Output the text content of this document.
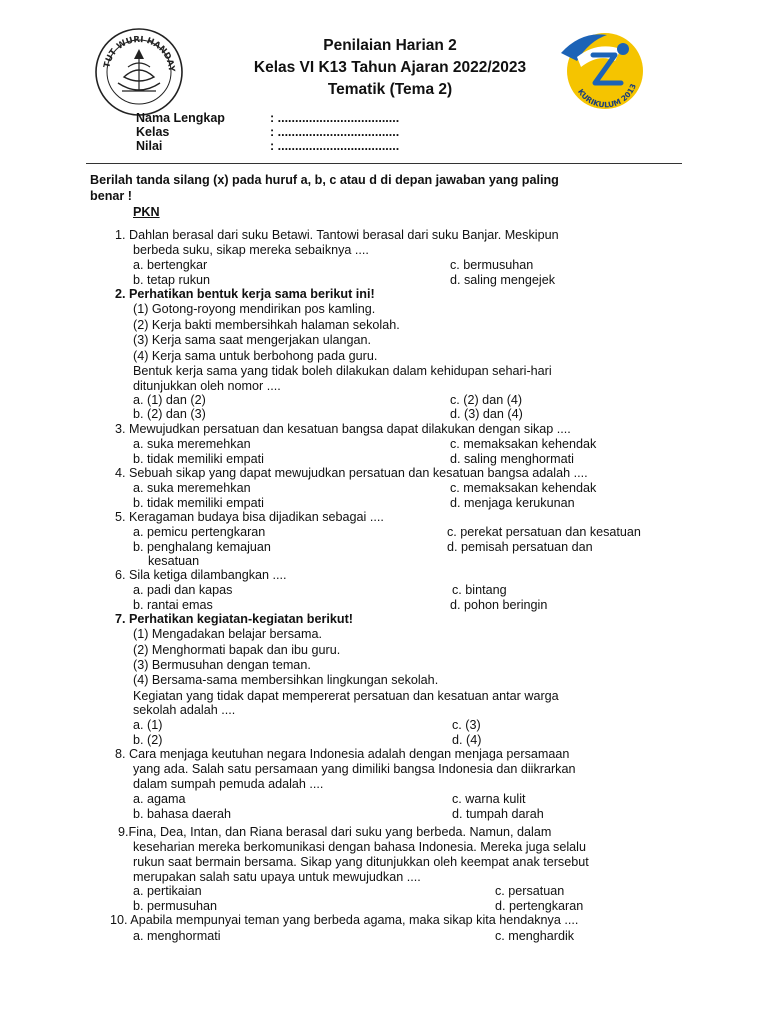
TUT WURI HANDAY
Penilaian Harian 2
Kelas VI K13 Tahun Ajaran 2022/2023
Tematik (Tema 2)	KURIKULUM 2013
Nama Lengkap	: ...................................
Kelas	: ...................................
Nilai	: ...................................
Berilah tanda silang (x) pada huruf a, b, c atau d di depan jawaban yang paling
benar !
PKN
1. Dahlan berasal dari suku Betawi. Tantowi berasal dari suku Banjar. Meskipun
berbeda suku, sikap mereka sebaiknya ....
a. bertengkar	c. bermusuhan
b. tetap rukun	d. saling mengejek
2. Perhatikan bentuk kerja sama berikut ini!
(1) Gotong-royong mendirikan pos kamling.
(2) Kerja bakti membersihkah halaman sekolah.
(3) Kerja sama saat mengerjakan ulangan.
(4) Kerja sama untuk berbohong pada guru.
Bentuk kerja sama yang tidak boleh dilakukan dalam kehidupan sehari-hari
ditunjukkan oleh nomor ....
a. (1) dan (2)	c. (2) dan (4)
b. (2) dan (3)	d. (3) dan (4)
3. Mewujudkan persatuan dan kesatuan bangsa dapat dilakukan dengan sikap ....
a. suka meremehkan	c. memaksakan kehendak
b. tidak memiliki empati	d. saling menghormati
4. Sebuah sikap yang dapat mewujudkan persatuan dan kesatuan bangsa adalah ....
a. suka meremehkan	c. memaksakan kehendak
b. tidak memiliki empati	d. menjaga kerukunan
5. Keragaman budaya bisa dijadikan sebagai ....
a. pemicu pertengkaran	c. perekat persatuan dan kesatuan
b. penghalang kemajuan	d. pemisah persatuan dan
kesatuan
6. Sila ketiga dilambangkan ....
a. padi dan kapas	c. bintang
b. rantai emas	d. pohon beringin
7. Perhatikan kegiatan-kegiatan berikut!
(1) Mengadakan belajar bersama.
(2) Menghormati bapak dan ibu guru.
(3) Bermusuhan dengan teman.
(4) Bersama-sama membersihkan lingkungan sekolah.
Kegiatan yang tidak dapat mempererat persatuan dan kesatuan antar warga
sekolah adalah ....
a. (1)	c. (3)
b. (2)	d. (4)
8. Cara menjaga keutuhan negara Indonesia adalah dengan menjaga persamaan
yang ada. Salah satu persamaan yang dimiliki bangsa Indonesia dan diikrarkan
dalam sumpah pemuda adalah ....
a. agama	c. warna kulit
b. bahasa daerah	d. tumpah darah
9.Fina, Dea, Intan, dan Riana berasal dari suku yang berbeda. Namun, dalam
keseharian mereka berkomunikasi dengan bahasa Indonesia. Mereka juga selalu
rukun saat bermain bersama. Sikap yang ditunjukkan oleh keempat anak tersebut
merupakan salah satu upaya untuk mewujudkan ....
a. pertikaian	c. persatuan
b. permusuhan	d. pertengkaran
10. Apabila mempunyai teman yang berbeda agama, maka sikap kita hendaknya ....
a. menghormati	c. menghardik
